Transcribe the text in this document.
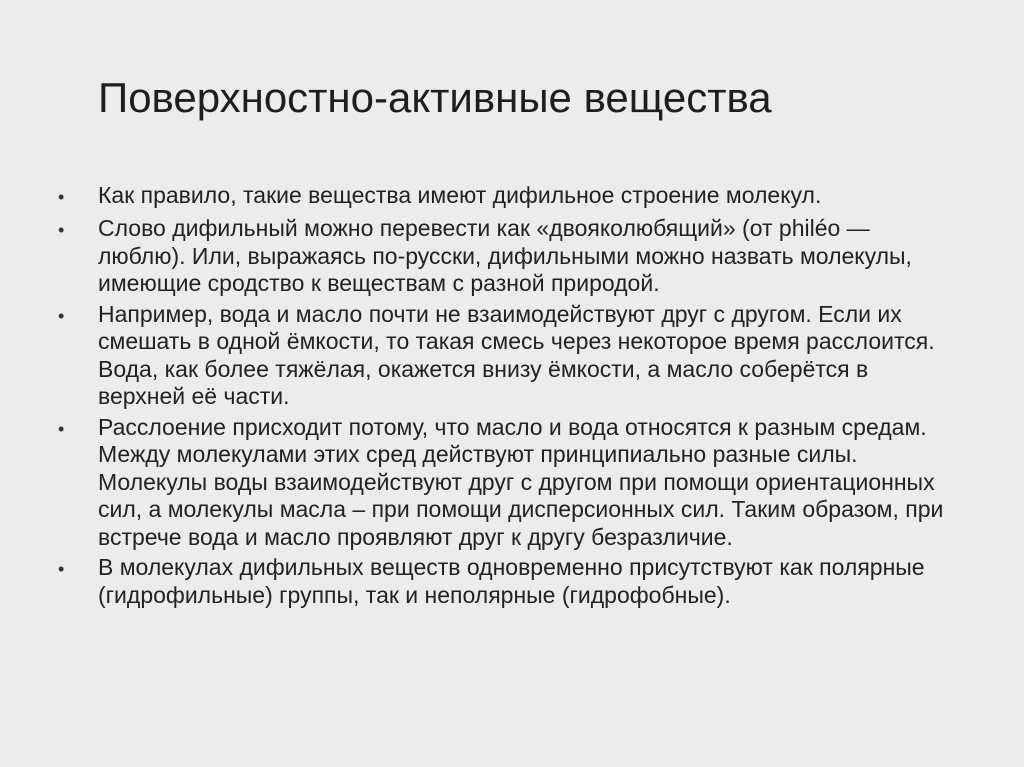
Поверхностно-активные вещества
•	Как правило, такие вещества имеют дифильное строение молекул.
•	Слово дифильный можно перевести как «двояколюбящий» (от philéo — люблю). Или, выражаясь по-русски, дифильными можно назвать молекулы, имеющие сродство к веществам с разной природой.
•	Например, вода и масло почти не взаимодействуют друг с другом. Если их смешать в одной ёмкости, то такая смесь через некоторое время расслоится. Вода, как более тяжёлая, окажется внизу ёмкости, а масло соберётся в верхней её части.
•	Расслоение присходит потому, что масло и вода относятся к разным средам. Между молекулами этих сред действуют принципиально разные силы. Молекулы воды взаимодействуют друг с другом при помощи ориентационных сил, а молекулы масла – при помощи дисперсионных сил. Таким образом, при встрече вода и масло проявляют друг к другу безразличие.
•	В молекулах дифильных веществ одновременно присутствуют как полярные (гидрофильные) группы, так и неполярные (гидрофобные).
